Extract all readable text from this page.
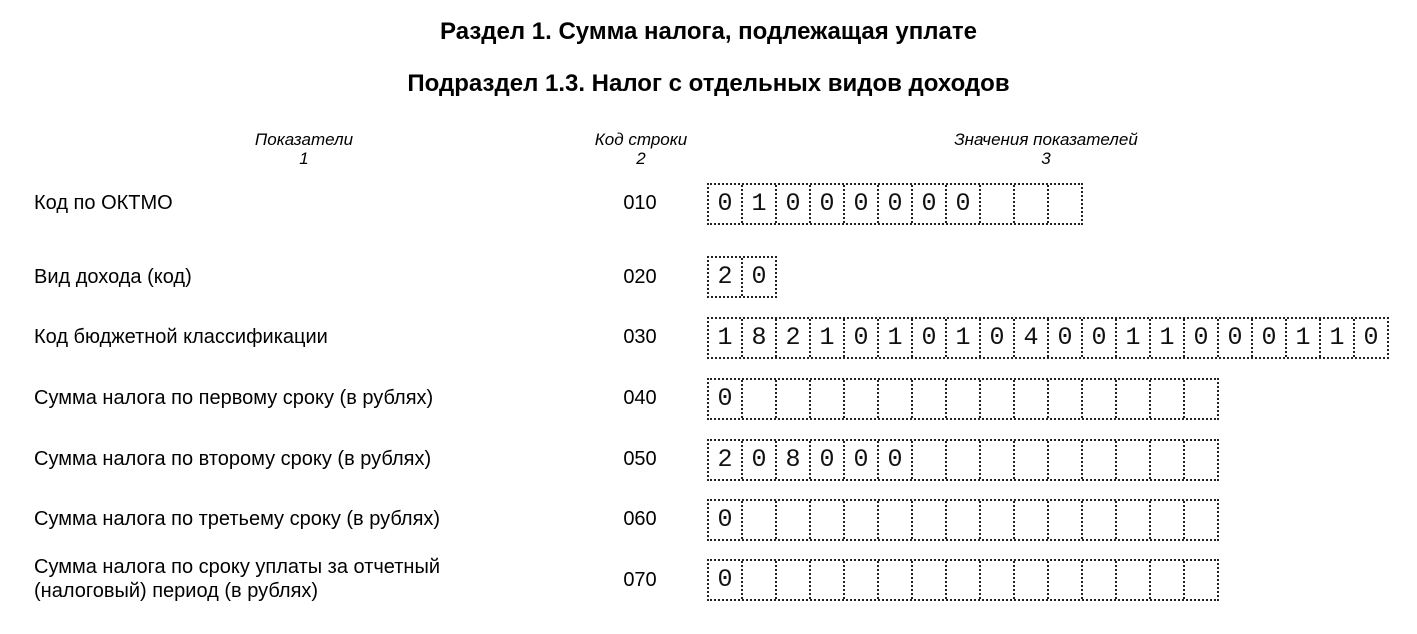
Раздел 1. Сумма налога, подлежащая уплате
Подраздел 1.3. Налог с отдельных видов доходов
Показатели
1
Код строки
2
Значения показателей
3
Код по ОКТМО	010	0 1 0 0 0 0 0 0
Вид дохода (код)	020	2 0
Код бюджетной классификации	030	1 8 2 1 0 1 0 1 0 4 0 0 1 1 0 0 0 1 1 0
Сумма налога по первому сроку (в рублях)	040	0
Сумма налога по второму сроку (в рублях)	050	2 0 8 0 0 0
Сумма налога по третьему сроку (в рублях)	060	0
Сумма налога по сроку уплаты за отчетный (налоговый) период (в рублях)	070	0
